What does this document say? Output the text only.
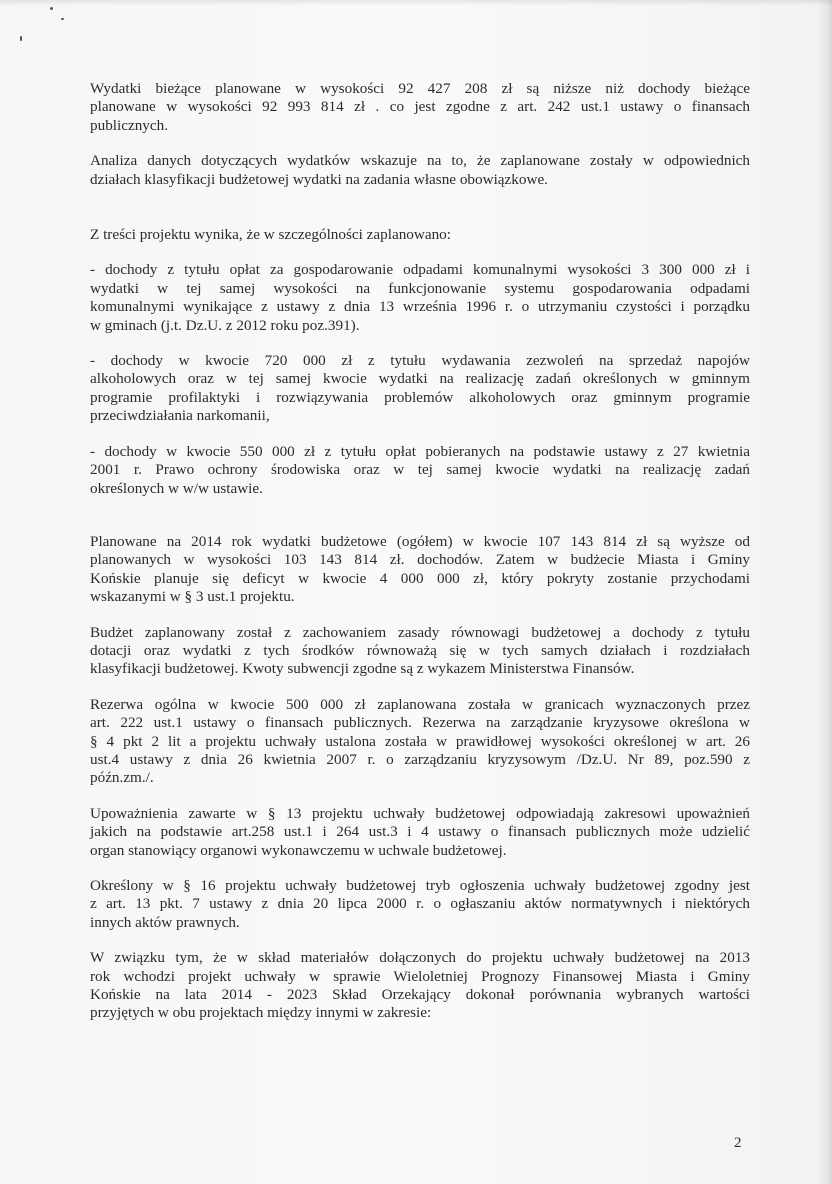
Wydatki bieżące planowane w wysokości 92 427 208 zł są niższe niż dochody bieżące
planowane w wysokości 92 993 814 zł . co jest zgodne z art. 242 ust.1 ustawy o finansach
publicznych.

Analiza danych dotyczących wydatków wskazuje na to, że zaplanowane zostały w odpowiednich
działach klasyfikacji budżetowej wydatki na zadania własne obowiązkowe.

Z treści projektu wynika, że w szczególności zaplanowano:

- dochody z tytułu opłat za gospodarowanie odpadami komunalnymi wysokości 3 300 000 zł i
wydatki w tej samej wysokości na funkcjonowanie systemu gospodarowania odpadami
komunalnymi wynikające z ustawy z dnia 13 września 1996 r. o utrzymaniu czystości i porządku
w gminach (j.t. Dz.U. z 2012 roku poz.391).

- dochody w kwocie 720 000 zł z tytułu wydawania zezwoleń na sprzedaż napojów
alkoholowych oraz w tej samej kwocie wydatki na realizację zadań określonych w gminnym
programie profilaktyki i rozwiązywania problemów alkoholowych oraz gminnym programie
przeciwdziałania narkomanii,

- dochody w kwocie 550 000 zł z tytułu opłat pobieranych na podstawie ustawy z 27 kwietnia
2001 r. Prawo ochrony środowiska oraz w tej samej kwocie wydatki na realizację zadań
określonych w w/w ustawie.

Planowane na 2014 rok wydatki budżetowe (ogółem) w kwocie 107 143 814 zł są wyższe od
planowanych w wysokości 103 143 814 zł. dochodów. Zatem w budżecie Miasta i Gminy
Końskie planuje się deficyt w kwocie 4 000 000 zł, który pokryty zostanie przychodami
wskazanymi w § 3 ust.1 projektu.

Budżet zaplanowany został z zachowaniem zasady równowagi budżetowej a dochody z tytułu
dotacji oraz wydatki z tych środków równoważą się w tych samych działach i rozdziałach
klasyfikacji budżetowej. Kwoty subwencji zgodne są z wykazem Ministerstwa Finansów.

Rezerwa ogólna w kwocie 500 000 zł zaplanowana została w granicach wyznaczonych przez
art. 222 ust.1 ustawy o finansach publicznych. Rezerwa na zarządzanie kryzysowe określona w
§ 4 pkt 2 lit a projektu uchwały ustalona została w prawidłowej wysokości określonej w art. 26
ust.4 ustawy z dnia 26 kwietnia 2007 r. o zarządzaniu kryzysowym /Dz.U. Nr 89, poz.590 z
późn.zm./.

Upoważnienia zawarte w § 13 projektu uchwały budżetowej odpowiadają zakresowi upoważnień
jakich na podstawie art.258 ust.1 i 264 ust.3 i 4 ustawy o finansach publicznych może udzielić
organ stanowiący organowi wykonawczemu w uchwale budżetowej.

Określony w § 16 projektu uchwały budżetowej tryb ogłoszenia uchwały budżetowej zgodny jest
z art. 13 pkt. 7 ustawy z dnia 20 lipca 2000 r. o ogłaszaniu aktów normatywnych i niektórych
innych aktów prawnych.

W związku tym, że w skład materiałów dołączonych do projektu uchwały budżetowej na 2013
rok wchodzi projekt uchwały w sprawie Wieloletniej Prognozy Finansowej Miasta i Gminy
Końskie na lata 2014 - 2023 Skład Orzekający dokonał porównania wybranych wartości
przyjętych w obu projektach między innymi w zakresie:

2
